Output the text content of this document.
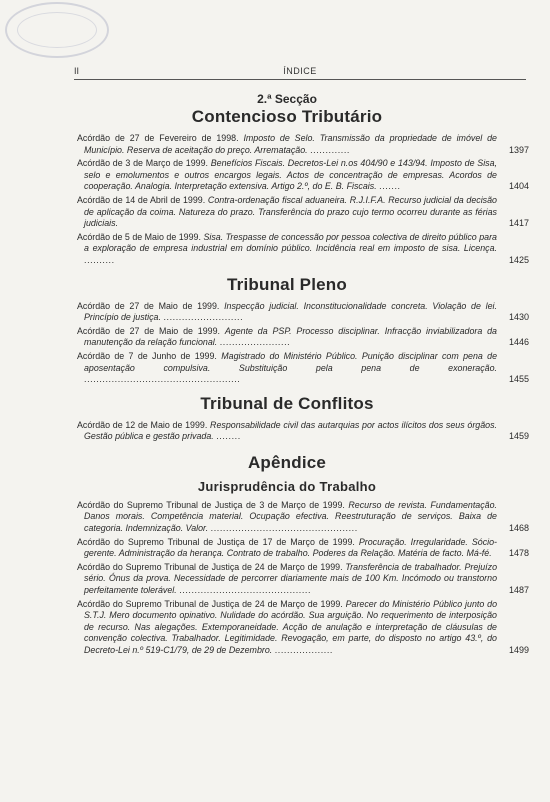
II	ÍNDICE
2.ª Secção
Contencioso Tributário
Acórdão de 27 de Fevereiro de 1998. Imposto de Selo. Transmissão da propriedade de imóvel de Município. Reserva de aceitação do preço. Arrematação. .............	1397
Acórdão de 3 de Março de 1999. Benefícios Fiscais. Decretos-Lei n.os 404/90 e 143/94. Imposto de Sisa, selo e emolumentos e outros encargos legais. Actos de concentração de empresas. Acordos de cooperação. Analogia. Interpretação extensiva. Artigo 2.º, do E. B. Fiscais. .......	1404
Acórdão de 14 de Abril de 1999. Contra-ordenação fiscal aduaneira. R.J.I.F.A. Recurso judicial da decisão de aplicação da coima. Natureza do prazo. Transferência do prazo cujo termo ocorreu durante as férias judiciais.	1417
Acórdão de 5 de Maio de 1999. Sisa. Trespasse de concessão por pessoa colectiva de direito público para a exploração de empresa industrial em domínio público. Incidência real em imposto de sisa. Licença. ..........	1425
Tribunal Pleno
Acórdão de 27 de Maio de 1999. Inspecção judicial. Inconstitucionalidade concreta. Violação de lei. Princípio de justiça. ..........................	1430
Acórdão de 27 de Maio de 1999. Agente da PSP. Processo disciplinar. Infracção inviabilizadora da manutenção da relação funcional. .......................	1446
Acórdão de 7 de Junho de 1999. Magistrado do Ministério Público. Punição disciplinar com pena de aposentação compulsiva. Substituição pela pena de exoneração. ...................................................	1455
Tribunal de Conflitos
Acórdão de 12 de Maio de 1999. Responsabilidade civil das autarquias por actos ilícitos dos seus órgãos. Gestão pública e gestão privada. ........	1459
Apêndice
Jurisprudência do Trabalho
Acórdão do Supremo Tribunal de Justiça de 3 de Março de 1999. Recurso de revista. Fundamentação. Danos morais. Competência material. Ocupação efectiva. Reestruturação de serviços. Baixa de categoria. Indemnização. Valor. ................................................	1468
Acórdão do Supremo Tribunal de Justiça de 17 de Março de 1999. Procuração. Irregularidade. Sócio-gerente. Administração da herança. Contrato de trabalho. Poderes da Relação. Matéria de facto. Má-fé.	1478
Acórdão do Supremo Tribunal de Justiça de 24 de Março de 1999. Transferência de trabalhador. Prejuízo sério. Ónus da prova. Necessidade de percorrer diariamente mais de 100 Km. Incómodo ou transtorno perfeitamente tolerável. ...........................................	1487
Acórdão do Supremo Tribunal de Justiça de 24 de Março de 1999. Parecer do Ministério Público junto do S.T.J. Mero documento opinativo. Nulidade do acórdão. Sua arguição. No requerimento de interposição de recurso. Nas alegações. Extemporaneidade. Acção de anulação e interpretação de cláusulas de convenção colectiva. Trabalhador. Legitimidade. Revogação, em parte, do disposto no artigo 43.º, do Decreto-Lei n.º 519-C1/79, de 29 de Dezembro. ...................	1499
